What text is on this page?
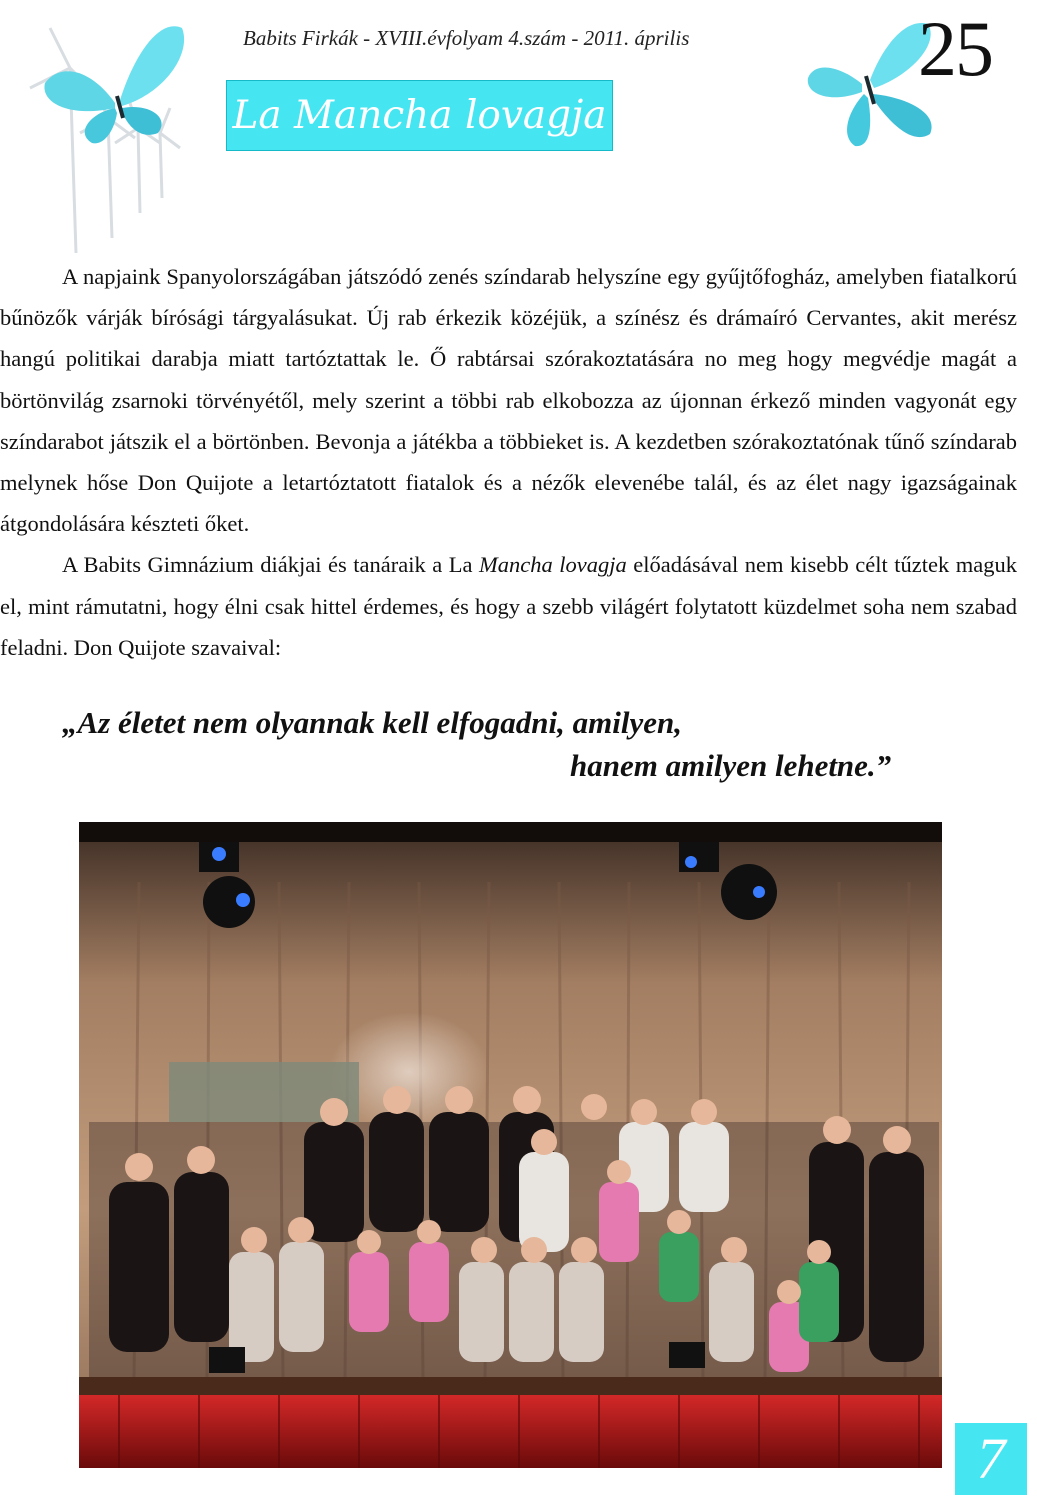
Babits Firkák - XVIII.évfolyam 4.szám - 2011. április	25
La Mancha lovagja

A napjaink Spanyolországában játszódó zenés színdarab helyszíne egy gyűjtőfogház, amelyben fiatalkorú bűnözők várják bírósági tárgyalásukat. Új rab érkezik közéjük, a színész és drámaíró Cervantes, akit merész hangú politikai darabja miatt tartóztattak le. Ő rabtársai szórakoztatására no meg hogy megvédje magát a börtönvilág zsarnoki törvényétől, mely szerint a többi rab elkobozza az újonnan érkező minden vagyonát egy színdarabot játszik el a börtönben. Bevonja a játékba a többieket is. A kezdetben szórakoztatónak tűnő színdarab melynek hőse Don Quijote a letartóztatott fiatalok és a nézők elevenébe talál, és az élet nagy igazságainak átgondolására készteti őket.

A Babits Gimnázium diákjai és tanáraik a La Mancha lovagja előadásával nem kisebb célt tűztek maguk el, mint rámutatni, hogy élni csak hittel érdemes, és hogy a szebb világért folytatott küzdelmet soha nem szabad feladni. Don Quijote szavaival:

„Az életet nem olyannak kell elfogadni, amilyen,
hanem amilyen lehetne.”
7
